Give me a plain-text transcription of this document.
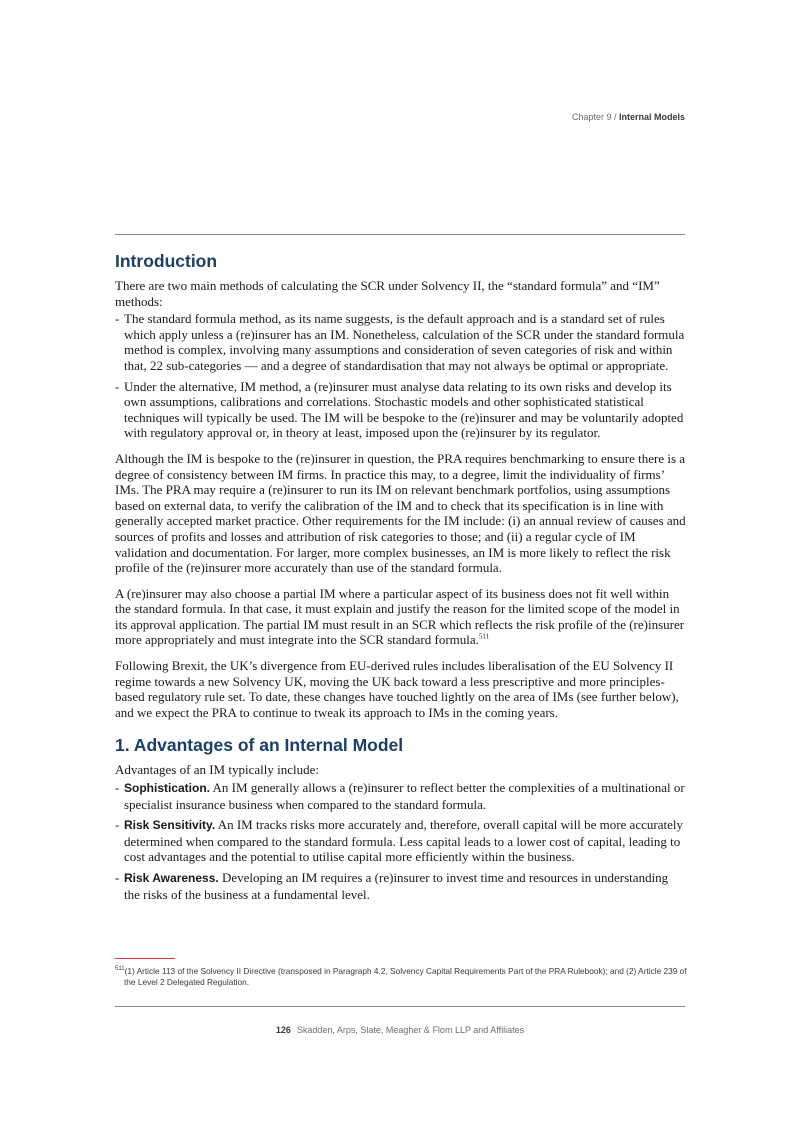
Chapter 9 / Internal Models
Introduction

There are two main methods of calculating the SCR under Solvency II, the “standard formula” and “IM” methods:

- The standard formula method, as its name suggests, is the default approach and is a standard set of rules which apply unless a (re)insurer has an IM. Nonetheless, calculation of the SCR under the standard formula method is complex, involving many assumptions and consideration of seven categories of risk and within that, 22 sub-categories — and a degree of standardisation that may not always be optimal or appropriate.
- Under the alternative, IM method, a (re)insurer must analyse data relating to its own risks and develop its own assumptions, calibrations and correlations. Stochastic models and other sophisticated statistical techniques will typically be used. The IM will be bespoke to the (re)insurer and may be voluntarily adopted with regulatory approval or, in theory at least, imposed upon the (re)insurer by its regulator.

Although the IM is bespoke to the (re)insurer in question, the PRA requires benchmarking to ensure there is a degree of consistency between IM firms. In practice this may, to a degree, limit the individuality of firms’ IMs. The PRA may require a (re)insurer to run its IM on relevant benchmark portfolios, using assumptions based on external data, to verify the calibration of the IM and to check that its specification is in line with generally accepted market practice. Other requirements for the IM include: (i) an annual review of causes and sources of profits and losses and attribution of risk categories to those; and (ii) a regular cycle of IM validation and documentation. For larger, more complex businesses, an IM is more likely to reflect the risk profile of the (re)insurer more accurately than use of the standard formula.

A (re)insurer may also choose a partial IM where a particular aspect of its business does not fit well within the standard formula. In that case, it must explain and justify the reason for the limited scope of the model in its approval application. The partial IM must result in an SCR which reflects the risk profile of the (re)insurer more appropriately and must integrate into the SCR standard formula.$^{511}$

Following Brexit, the UK’s divergence from EU-derived rules includes liberalisation of the EU Solvency II regime towards a new Solvency UK, moving the UK back toward a less prescriptive and more principles-based regulatory rule set. To date, these changes have touched lightly on the area of IMs (see further below), and we expect the PRA to continue to tweak its approach to IMs in the coming years.

1. Advantages of an Internal Model

Advantages of an IM typically include:

- Sophistication. An IM generally allows a (re)insurer to reflect better the complexities of a multinational or specialist insurance business when compared to the standard formula.
- Risk Sensitivity. An IM tracks risks more accurately and, therefore, overall capital will be more accurately determined when compared to the standard formula. Less capital leads to a lower cost of capital, leading to cost advantages and the potential to utilise capital more efficiently within the business.
- Risk Awareness. Developing an IM requires a (re)insurer to invest time and resources in understanding the risks of the business at a fundamental level.
$^{511}$(1) Article 113 of the Solvency II Directive (transposed in Paragraph 4.2, Solvency Capital Requirements Part of the PRA Rulebook); and (2) Article 239 of the Level 2 Delegated Regulation.
126 Skadden, Arps, Slate, Meagher & Flom LLP and Affiliates
